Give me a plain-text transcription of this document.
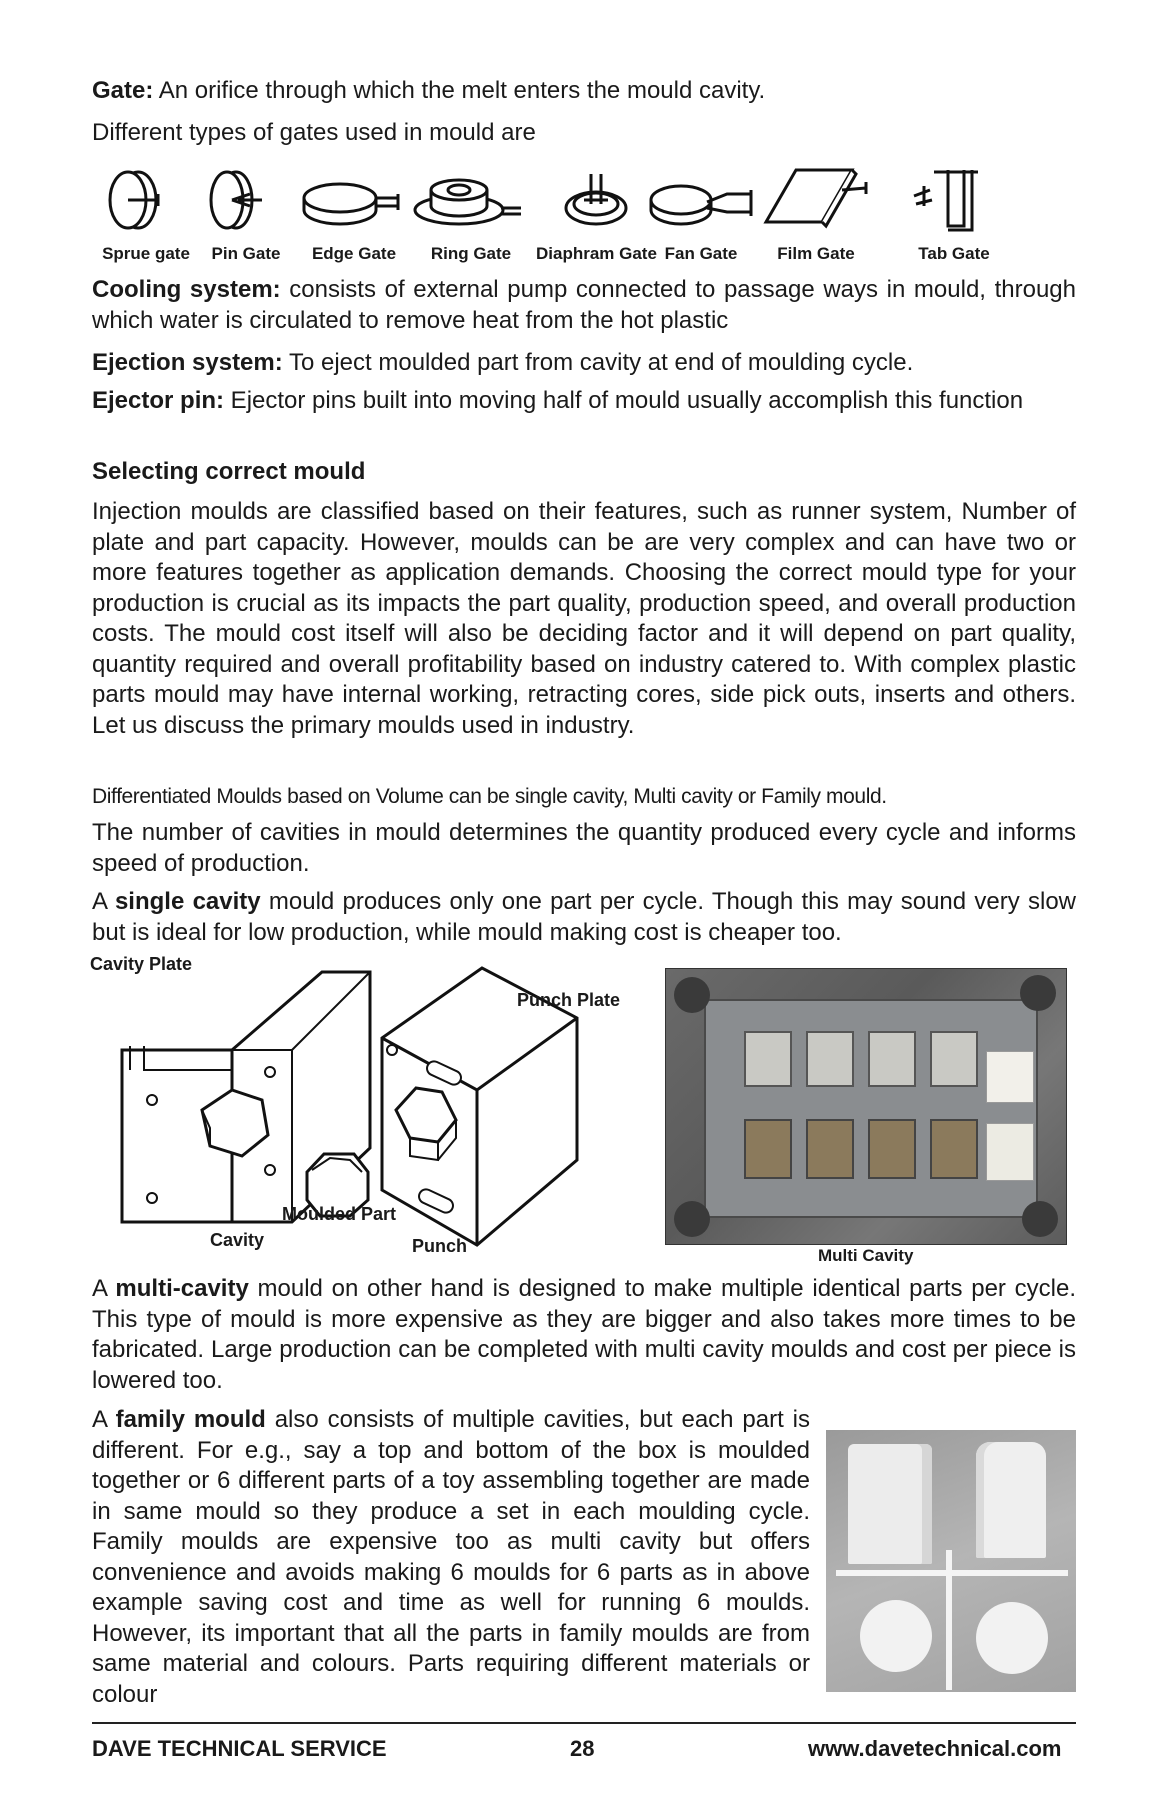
Gate: An orifice through which the melt enters the mould cavity.

Different types of gates used in mould are

Sprue gate	Pin Gate	Edge Gate	Ring Gate	Diaphram Gate Fan Gate	Film Gate	Tab Gate

Cooling system: consists of external pump connected to passage ways in mould, through which water is circulated to remove heat from the hot plastic

Ejection system: To eject moulded part from cavity at end of moulding cycle.

Ejector pin: Ejector pins built into moving half of mould usually accomplish this function

Selecting correct mould

Injection moulds are classified based on their features, such as runner system, Number of plate and part capacity. However, moulds can be are very complex and can have two or more features together as application demands. Choosing the correct mould type for your production is crucial as its impacts the part quality, production speed, and overall production costs. The mould cost itself will also be deciding factor and it will depend on part quality, quantity required and overall profitability based on industry catered to. With complex plastic parts mould may have internal working, retracting cores, side pick outs, inserts and others. Let us discuss the primary moulds used in industry.

Differentiated Moulds based on Volume can be single cavity, Multi cavity or Family mould.

The number of cavities in mould determines the quantity produced every cycle and informs speed of production.

A single cavity mould produces only one part per cycle. Though this may sound very slow but is ideal for low production, while mould making cost is cheaper too.

Cavity Plate
Punch Plate
Moulded Part
Cavity	Punch	Multi Cavity

A multi-cavity mould on other hand is designed to make multiple identical parts per cycle. This type of mould is more expensive as they are bigger and also takes more times to be fabricated. Large production can be completed with multi cavity moulds and cost per piece is lowered too.

A family mould also consists of multiple cavities, but each part is different. For e.g., say a top and bottom of the box is moulded together or 6 different parts of a toy assembling together are made in same mould so they produce a set in each moulding cycle. Family moulds are expensive too as multi cavity but offers convenience and avoids making 6 moulds for 6 parts as in above example saving cost and time as well for running 6 moulds. However, its important that all the parts in family moulds are from same material and colours. Parts requiring different materials or colour

DAVE TECHNICAL SERVICE	28	www.davetechnical.com
